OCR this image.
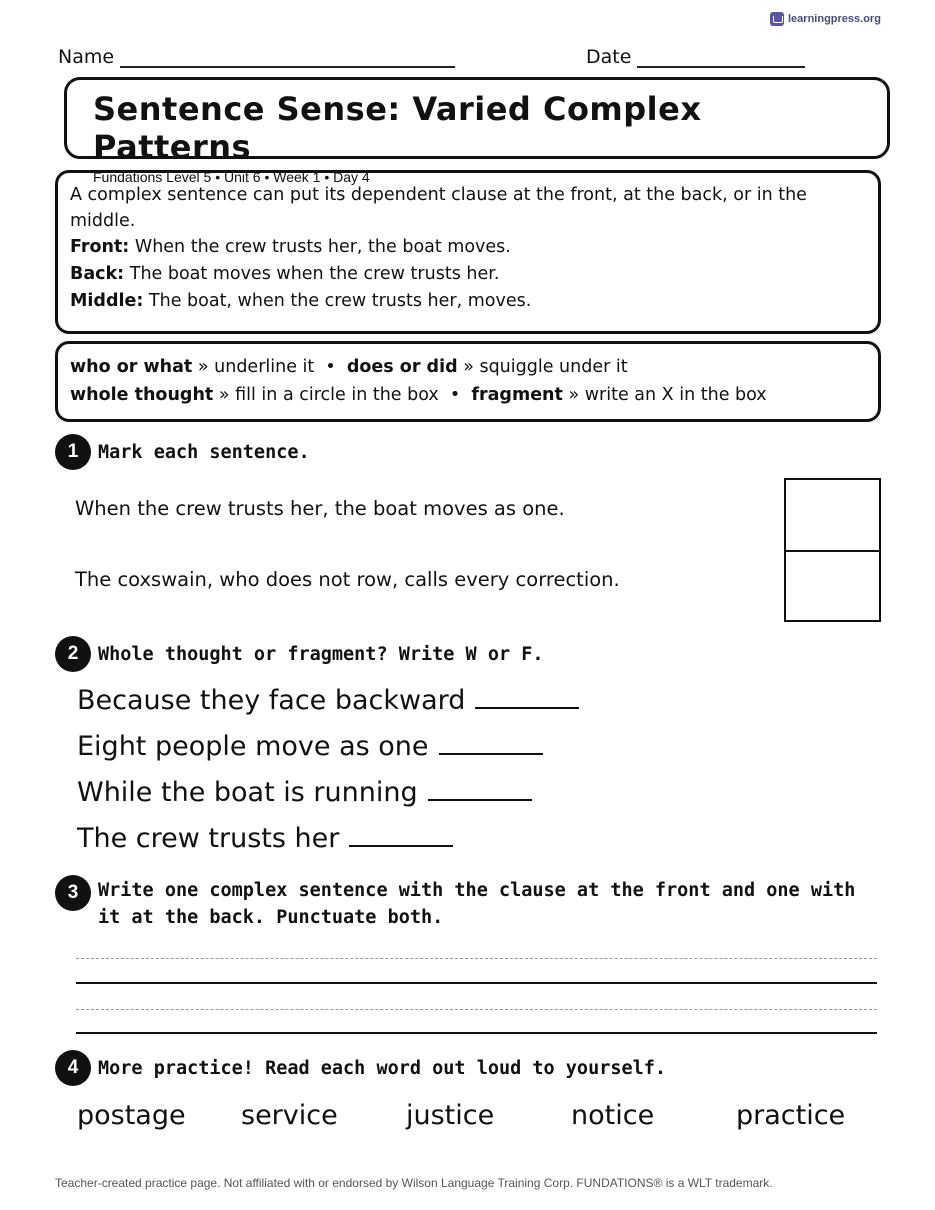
learningpress.org
Name	Date
Sentence Sense: Varied Complex Patterns
Fundations Level 5 • Unit 6 • Week 1 • Day 4
A complex sentence can put its dependent clause at the front, at the back, or in the middle.
Front: When the crew trusts her, the boat moves.
Back: The boat moves when the crew trusts her.
Middle: The boat, when the crew trusts her, moves.
who or what » underline it • does or did » squiggle under it
whole thought » fill in a circle in the box • fragment » write an X in the box
1	Mark each sentence.
When the crew trusts her, the boat moves as one.
The coxswain, who does not row, calls every correction.
2	Whole thought or fragment? Write W or F.
Because they face backward
Eight people move as one
While the boat is running
The crew trusts her
3	Write one complex sentence with the clause at the front and one with it at the back. Punctuate both.
4	More practice! Read each word out loud to yourself.
postage service	justice	notice	practice
Teacher-created practice page. Not affiliated with or endorsed by Wilson Language Training Corp. FUNDATIONS® is a WLT trademark.
